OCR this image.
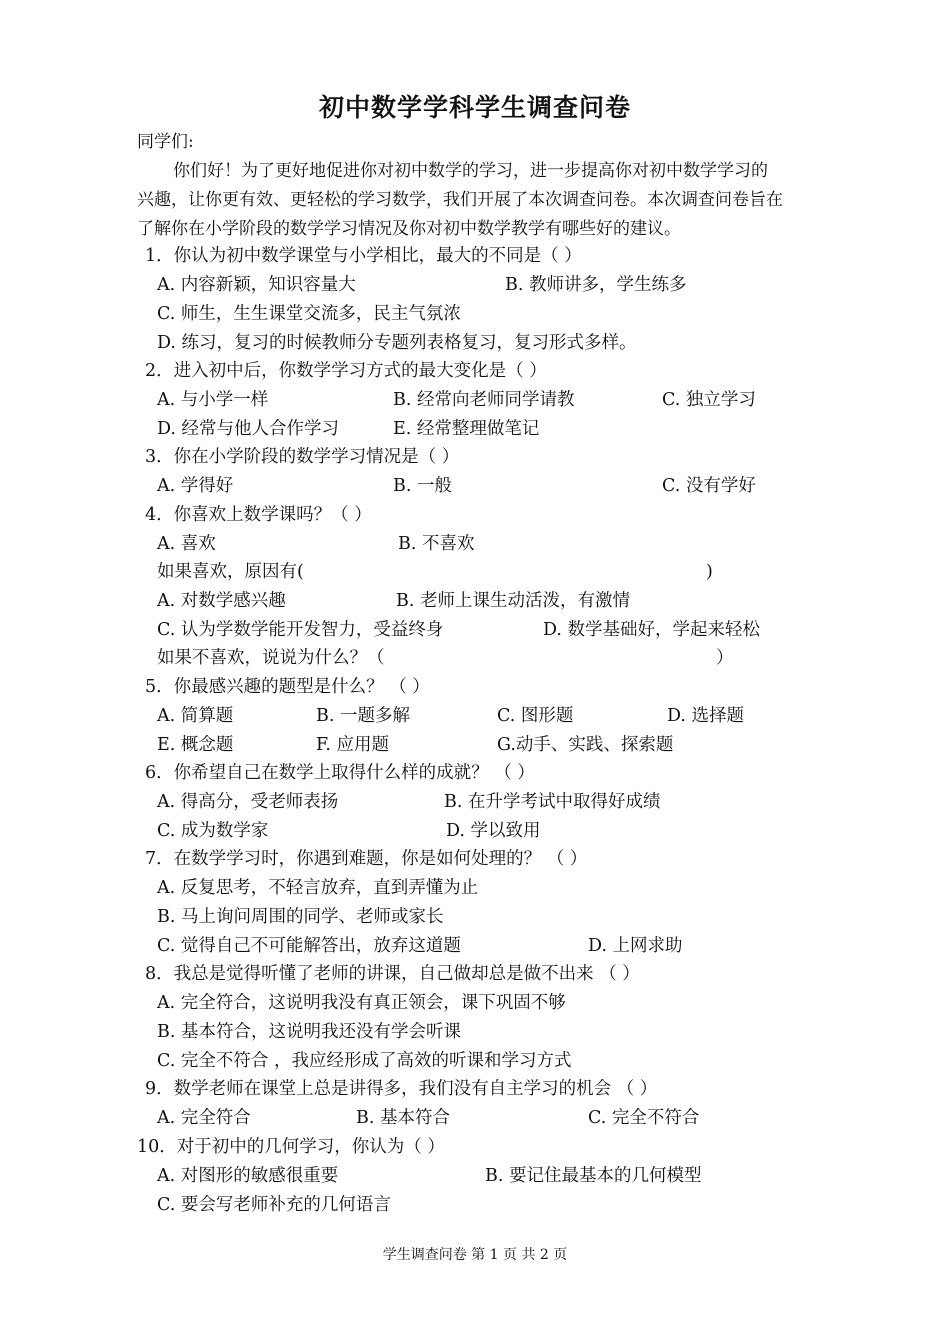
初中数学学科学生调查问卷
同学们:
你们好！为了更好地促进你对初中数学的学习，进一步提高你对初中数学学习的
兴趣，让你更有效、更轻松的学习数学，我们开展了本次调查问卷。本次调查问卷旨在
了解你在小学阶段的数学学习情况及你对初中数学教学有哪些好的建议。
1．你认为初中数学课堂与小学相比，最大的不同是（ ）
A. 内容新颖，知识容量大	B. 教师讲多，学生练多
C. 师生，生生课堂交流多，民主气氛浓
D. 练习，复习的时候教师分专题列表格复习，复习形式多样。
2．进入初中后，你数学学习方式的最大变化是（ ）
A. 与小学一样	B. 经常向老师同学请教	C. 独立学习
D. 经常与他人合作学习	E. 经常整理做笔记
3．你在小学阶段的数学学习情况是（ ）
A. 学得好	B. 一般	C. 没有学好
4．你喜欢上数学课吗？（ ）
A. 喜欢	B. 不喜欢
如果喜欢，原因有(	)
A. 对数学感兴趣	B. 老师上课生动活泼，有激情
C. 认为学数学能开发智力，受益终身	D. 数学基础好，学起来轻松
如果不喜欢，说说为什么？（	）
5．你最感兴趣的题型是什么？ （ ）
A. 简算题	B. 一题多解	C. 图形题	D. 选择题
E. 概念题	F. 应用题	G.动手、实践、探索题
6．你希望自己在数学上取得什么样的成就？ （ ）
A. 得高分，受老师表扬	B. 在升学考试中取得好成绩
C. 成为数学家	D. 学以致用
7．在数学学习时，你遇到难题，你是如何处理的？ （ ）
A. 反复思考，不轻言放弃，直到弄懂为止
B. 马上询问周围的同学、老师或家长
C. 觉得自己不可能解答出，放弃这道题	D. 上网求助
8．我总是觉得听懂了老师的讲课，自己做却总是做不出来 （ ）
A. 完全符合，这说明我没有真正领会，课下巩固不够
B. 基本符合，这说明我还没有学会听课
C. 完全不符合 ，我应经形成了高效的听课和学习方式
9．数学老师在课堂上总是讲得多，我们没有自主学习的机会 （ ）
A. 完全符合	B. 基本符合	C. 完全不符合
10．对于初中的几何学习，你认为（ ）
A. 对图形的敏感很重要	B. 要记住最基本的几何模型
C. 要会写老师补充的几何语言
学生调查问卷 第 1 页 共 2 页
